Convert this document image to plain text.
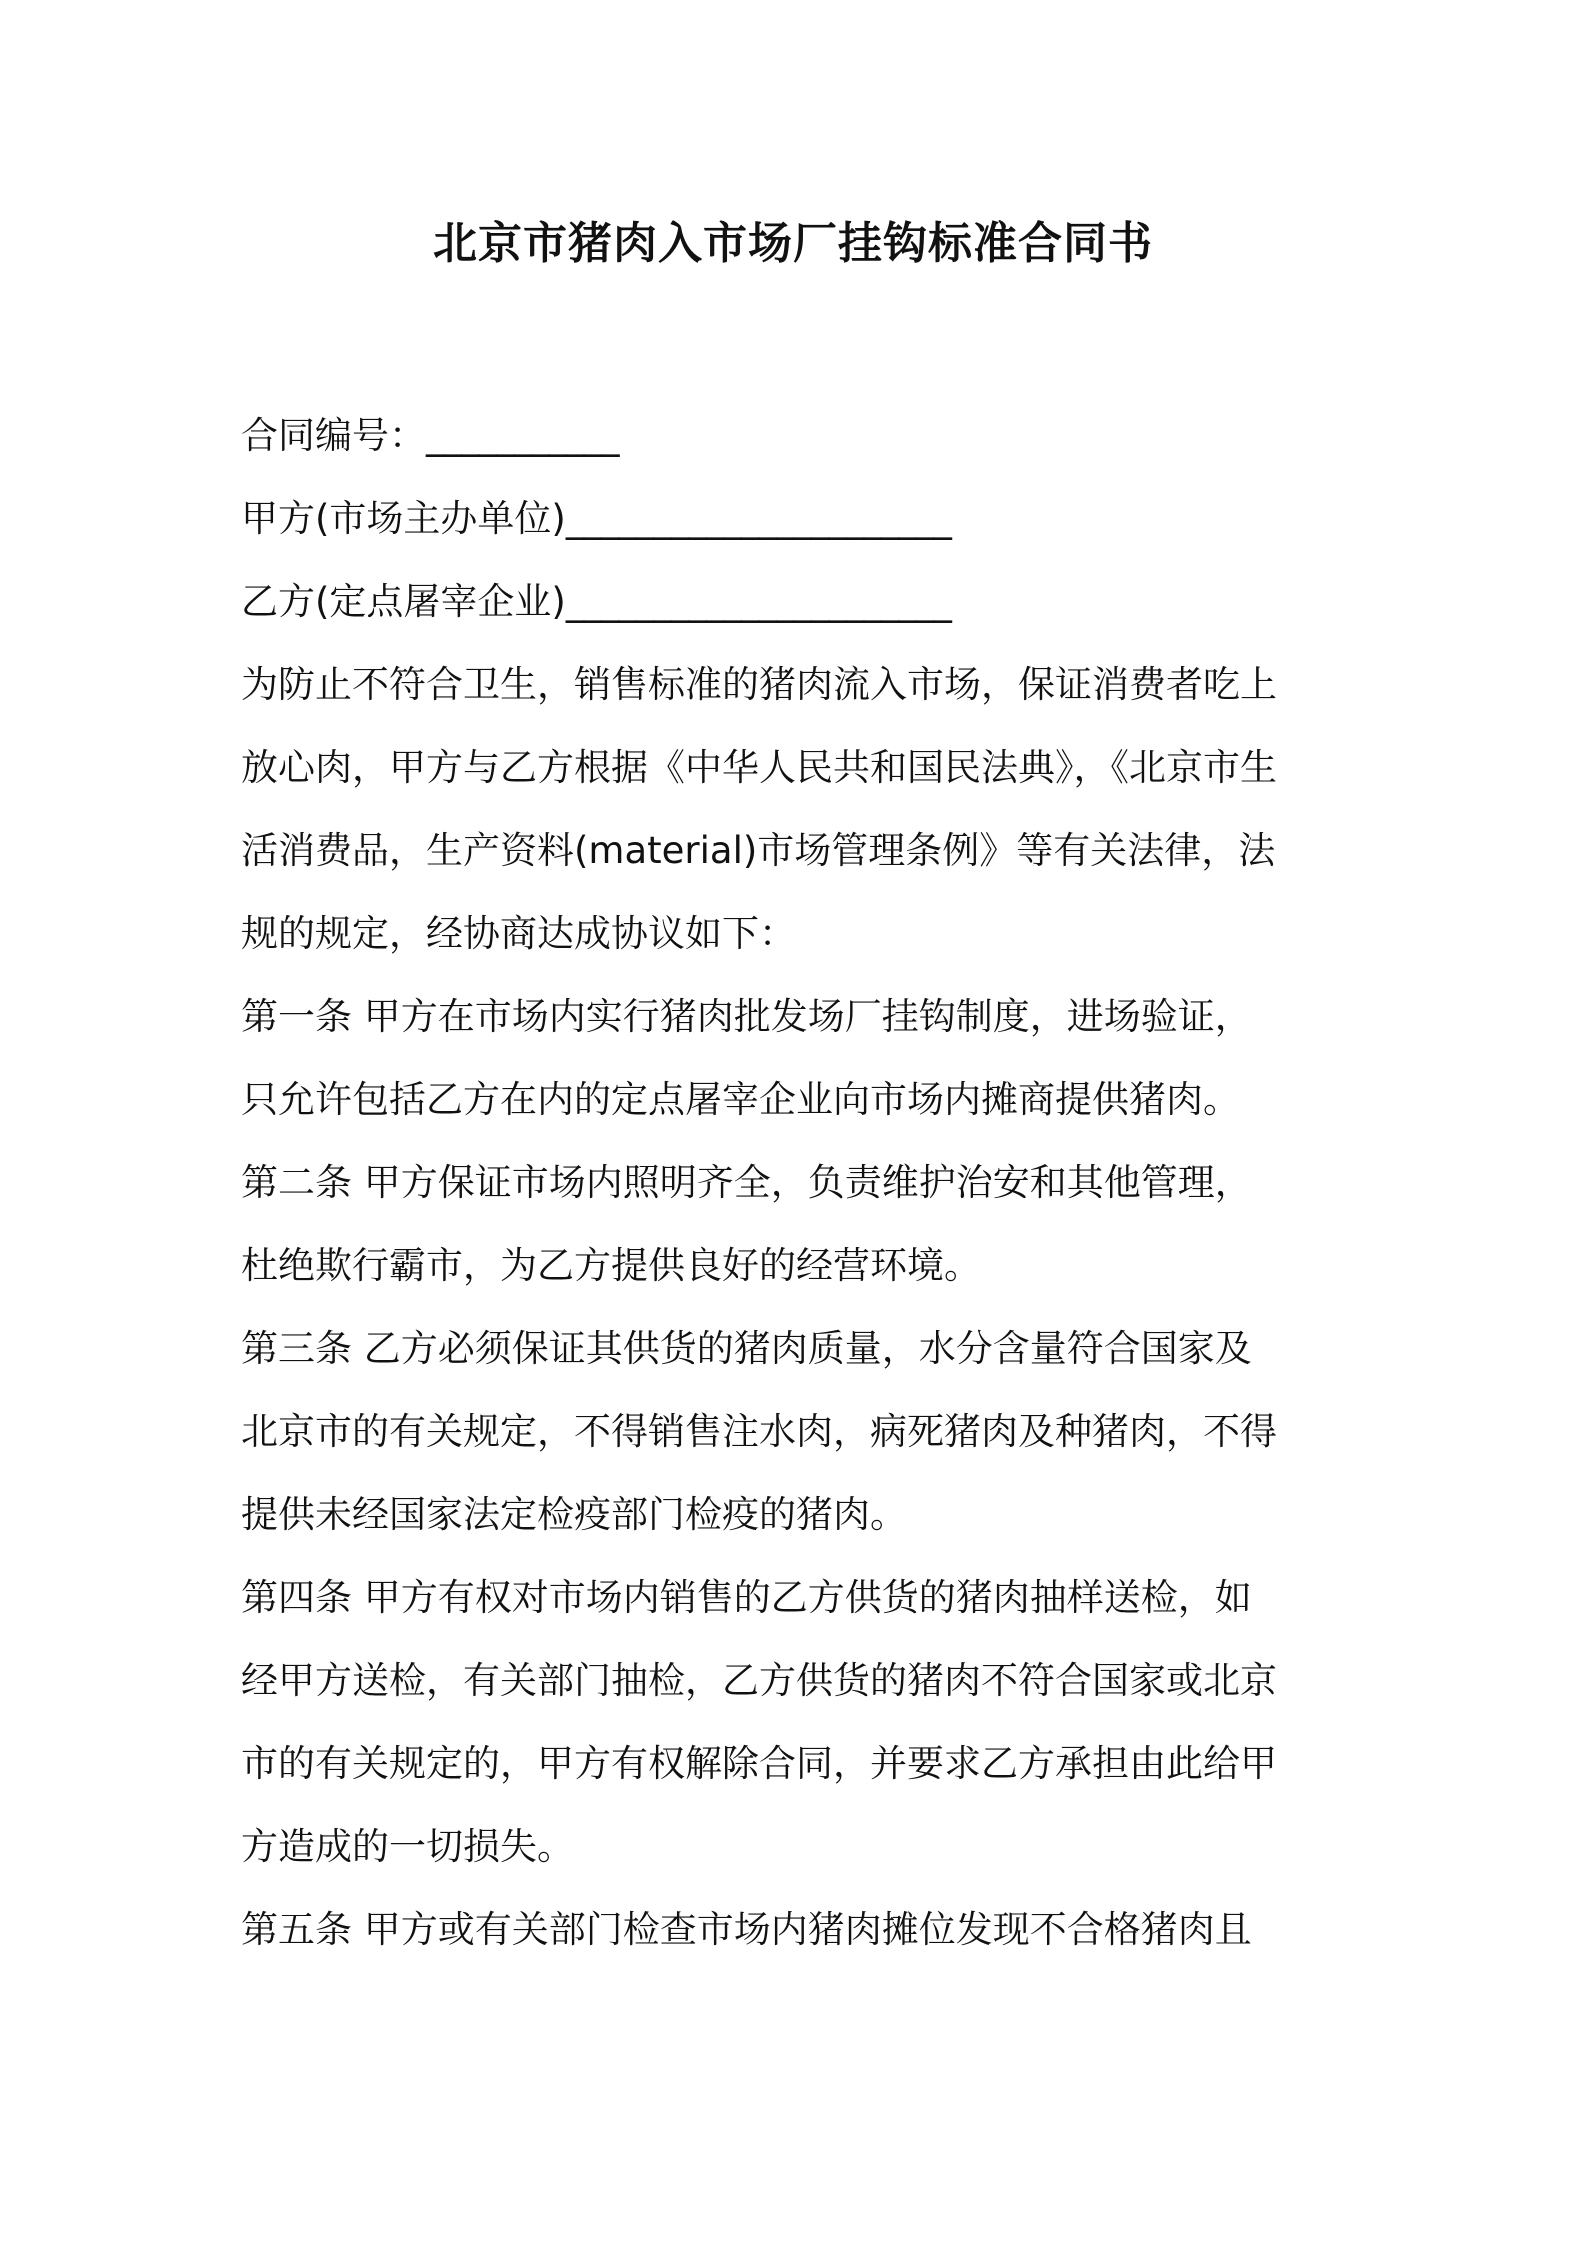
北京市猪肉入市场厂挂钩标准合同书
合同编号：___________
甲方(市场主办单位)______________________
乙方(定点屠宰企业)______________________
为防止不符合卫生，销售标准的猪肉流入市场，保证消费者吃上
放心肉，甲方与乙方根据《中华人民共和国民法典》，《北京市生
活消费品，生产资料(material)市场管理条例》等有关法律，法
规的规定，经协商达成协议如下：
第一条 甲方在市场内实行猪肉批发场厂挂钩制度，进场验证，
只允许包括乙方在内的定点屠宰企业向市场内摊商提供猪肉。
第二条 甲方保证市场内照明齐全，负责维护治安和其他管理，
杜绝欺行霸市，为乙方提供良好的经营环境。
第三条 乙方必须保证其供货的猪肉质量，水分含量符合国家及
北京市的有关规定，不得销售注水肉，病死猪肉及种猪肉，不得
提供未经国家法定检疫部门检疫的猪肉。
第四条 甲方有权对市场内销售的乙方供货的猪肉抽样送检，如
经甲方送检，有关部门抽检，乙方供货的猪肉不符合国家或北京
市的有关规定的，甲方有权解除合同，并要求乙方承担由此给甲
方造成的一切损失。
第五条 甲方或有关部门检查市场内猪肉摊位发现不合格猪肉且
